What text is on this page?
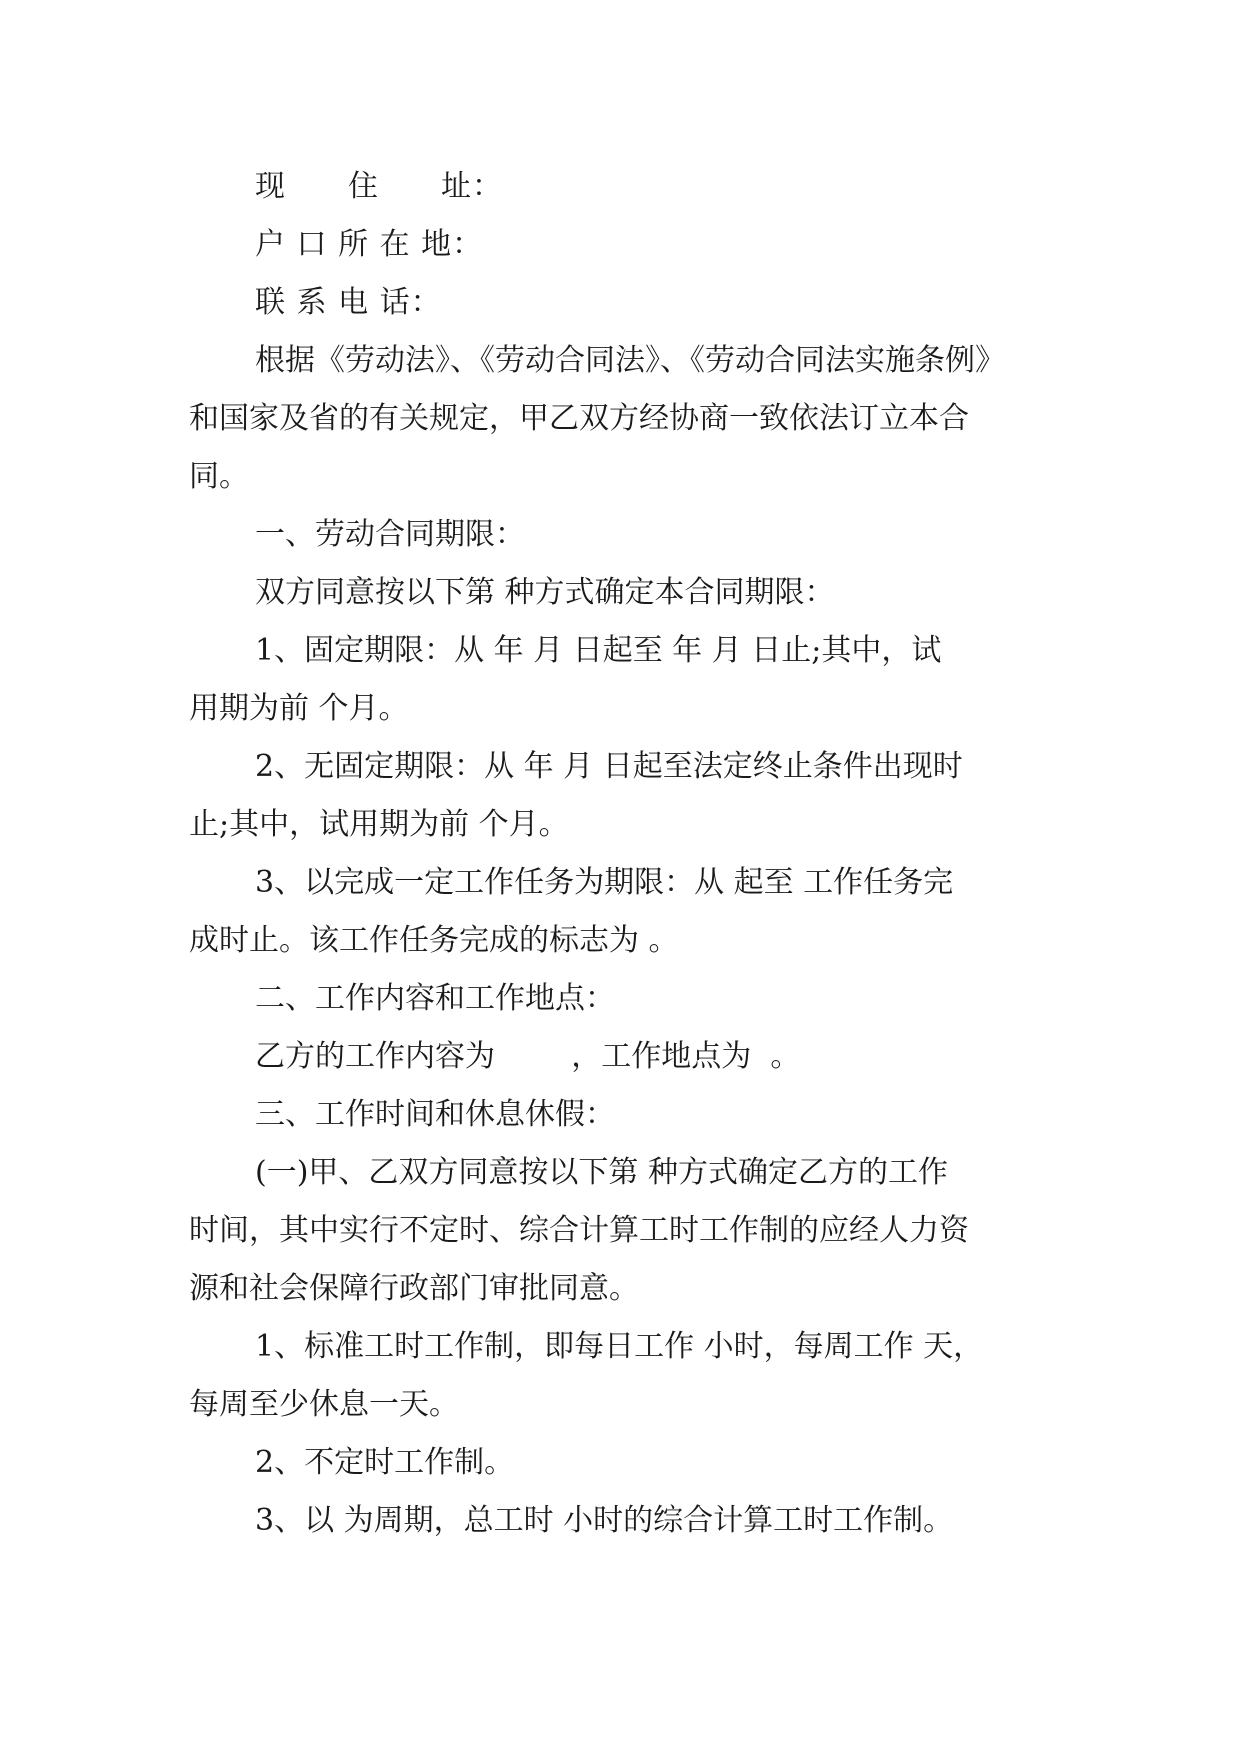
现　　住　　址：
户 口 所 在 地：
联 系 电 话：
根据《劳动法》、《劳动合同法》、《劳动合同法实施条例》
和国家及省的有关规定，甲乙双方经协商一致依法订立本合
同。
一、劳动合同期限：
双方同意按以下第 种方式确定本合同期限：
1、固定期限：从 年 月 日起至 年 月 日止;其中，试
用期为前 个月。
2、无固定期限：从 年 月 日起至法定终止条件出现时
止;其中，试用期为前 个月。
3、以完成一定工作任务为期限：从 起至 工作任务完
成时止。该工作任务完成的标志为 。
二、工作内容和工作地点：
乙方的工作内容为        ，工作地点为  。
三、工作时间和休息休假：
(一)甲、乙双方同意按以下第 种方式确定乙方的工作
时间，其中实行不定时、综合计算工时工作制的应经人力资
源和社会保障行政部门审批同意。
1、标准工时工作制，即每日工作 小时，每周工作 天，
每周至少休息一天。
2、不定时工作制。
3、以 为周期，总工时 小时的综合计算工时工作制。
